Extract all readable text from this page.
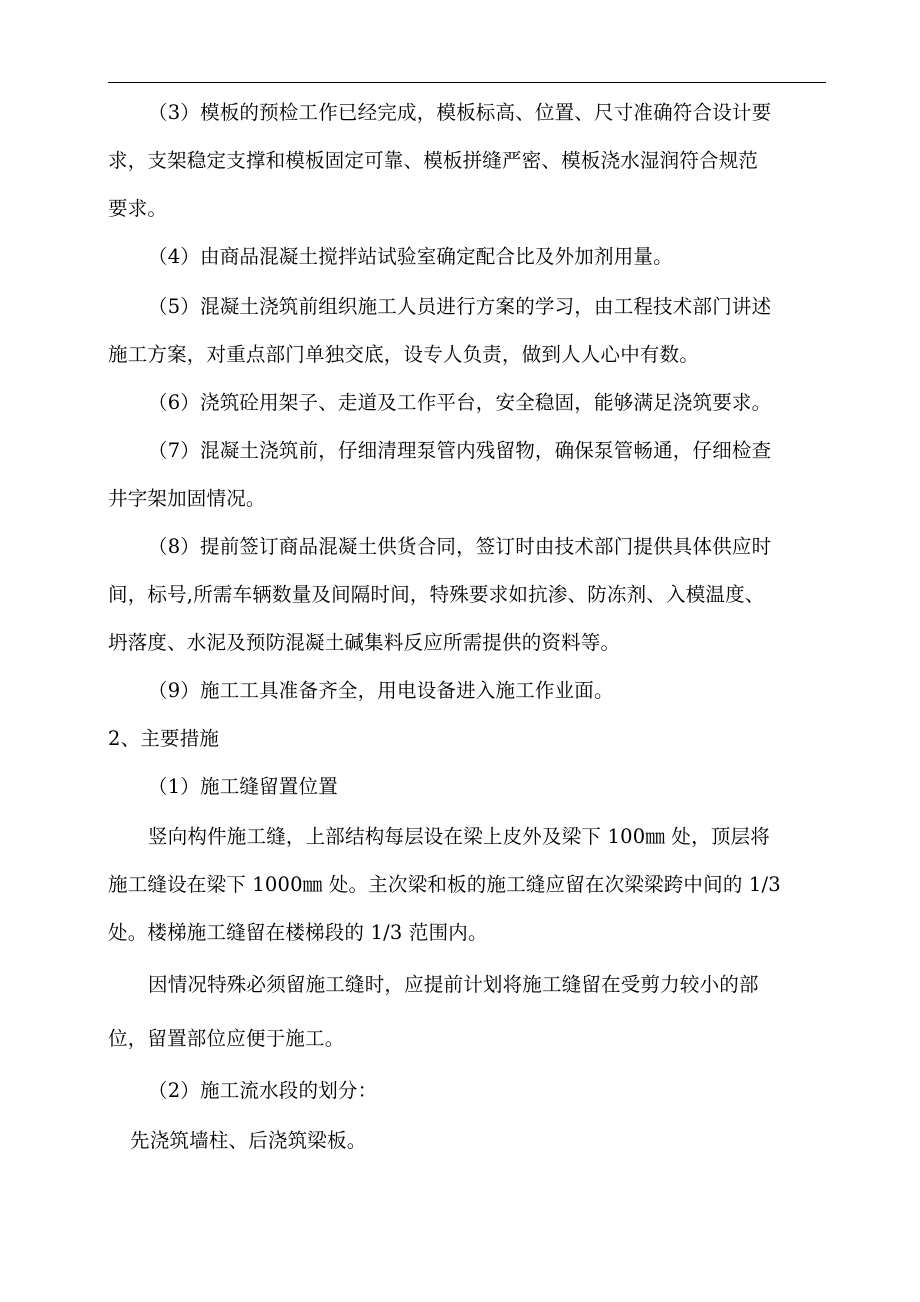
（3）模板的预检工作已经完成，模板标高、位置、尺寸准确符合设计要
求，支架稳定支撑和模板固定可靠、模板拼缝严密、模板浇水湿润符合规范
要求。
（4）由商品混凝土搅拌站试验室确定配合比及外加剂用量。
（5）混凝土浇筑前组织施工人员进行方案的学习，由工程技术部门讲述
施工方案，对重点部门单独交底，设专人负责，做到人人心中有数。
（6）浇筑砼用架子、走道及工作平台，安全稳固，能够满足浇筑要求。
（7）混凝土浇筑前，仔细清理泵管内残留物，确保泵管畅通，仔细检查
井字架加固情况。
（8）提前签订商品混凝土供货合同，签订时由技术部门提供具体供应时
间，标号,所需车辆数量及间隔时间，特殊要求如抗渗、防冻剂、入模温度、
坍落度、水泥及预防混凝土碱集料反应所需提供的资料等。
（9）施工工具准备齐全，用电设备进入施工作业面。
2、主要措施
（1）施工缝留置位置
竖向构件施工缝，上部结构每层设在梁上皮外及梁下 100㎜ 处，顶层将
施工缝设在梁下 1000㎜ 处。主次梁和板的施工缝应留在次梁梁跨中间的 1/3
处。楼梯施工缝留在楼梯段的 1/3 范围内。
因情况特殊必须留施工缝时，应提前计划将施工缝留在受剪力较小的部
位，留置部位应便于施工。
（2）施工流水段的划分：
先浇筑墙柱、后浇筑梁板。
